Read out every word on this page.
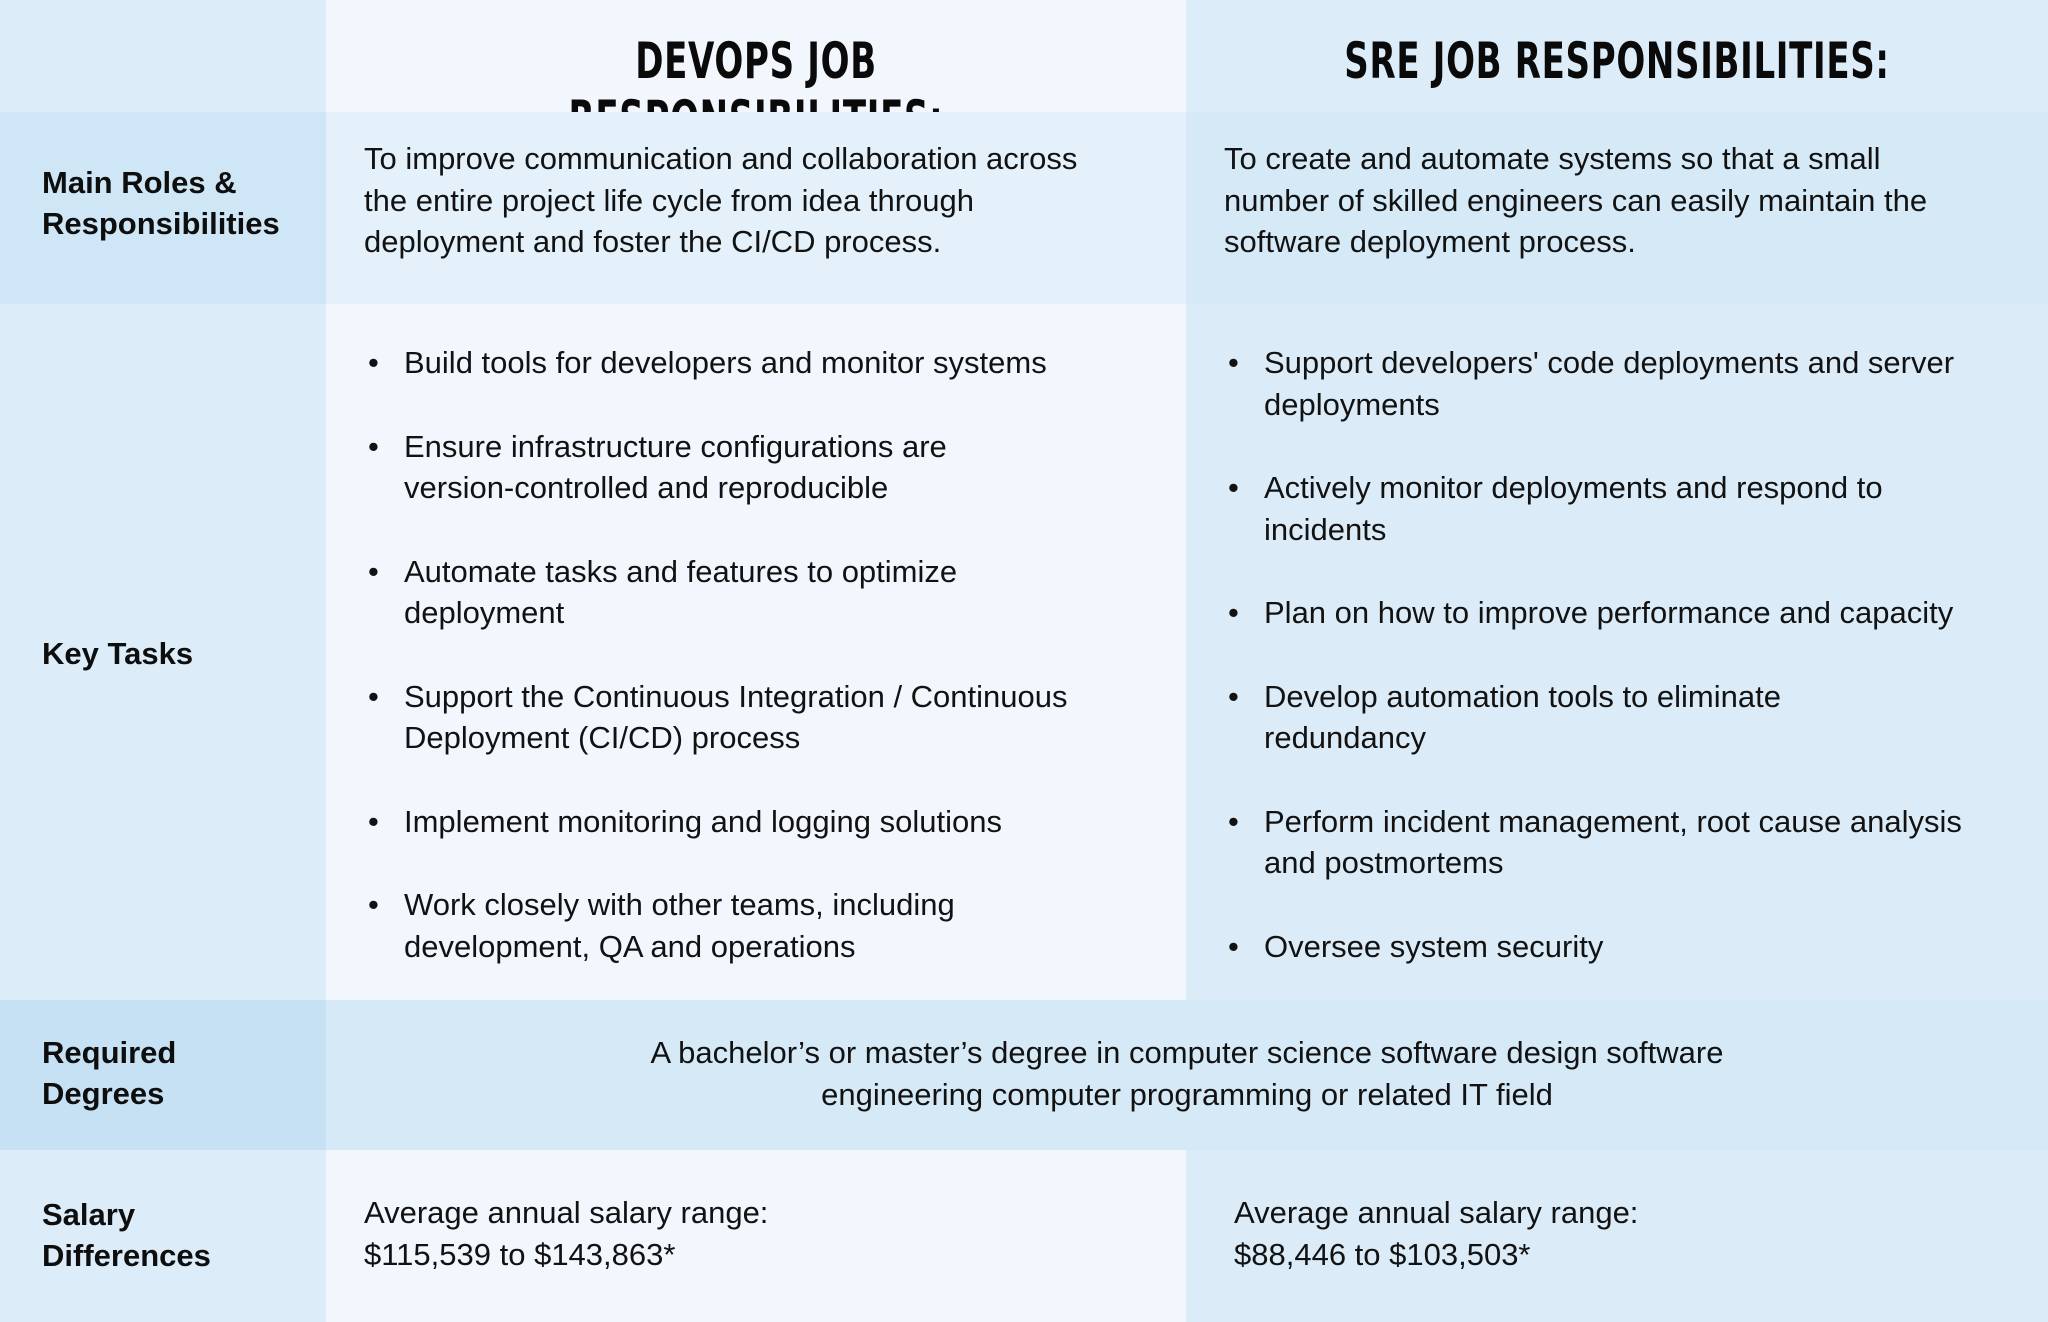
DEVOPS JOB	SRE JOB RESPONSIBILITIES:
Main Roles &
Responsibilities
To improve communication and collaboration across
the entire project life cycle from idea through
deployment and foster the CI/CD process.
To create and automate systems so that a small
number of skilled engineers can easily maintain the
software deployment process.
Key Tasks
• Build tools for developers and monitor systems
• Ensure infrastructure configurations are
version-controlled and reproducible
• Automate tasks and features to optimize
deployment
• Support the Continuous Integration / Continuous
Deployment (CI/CD) process
• Implement monitoring and logging solutions
• Work closely with other teams, including
development, QA and operations
• Support developers' code deployments and server
deployments
• Actively monitor deployments and respond to
incidents
• Plan on how to improve performance and capacity
• Develop automation tools to eliminate
redundancy
• Perform incident management, root cause analysis
and postmortems
• Oversee system security
Required
Degrees
A bachelor’s or master’s degree in computer science software design software
engineering computer programming or related IT field
Salary
Differences
Average annual salary range:
$115,539 to $143,863*
Average annual salary range:
$88,446 to $103,503*
